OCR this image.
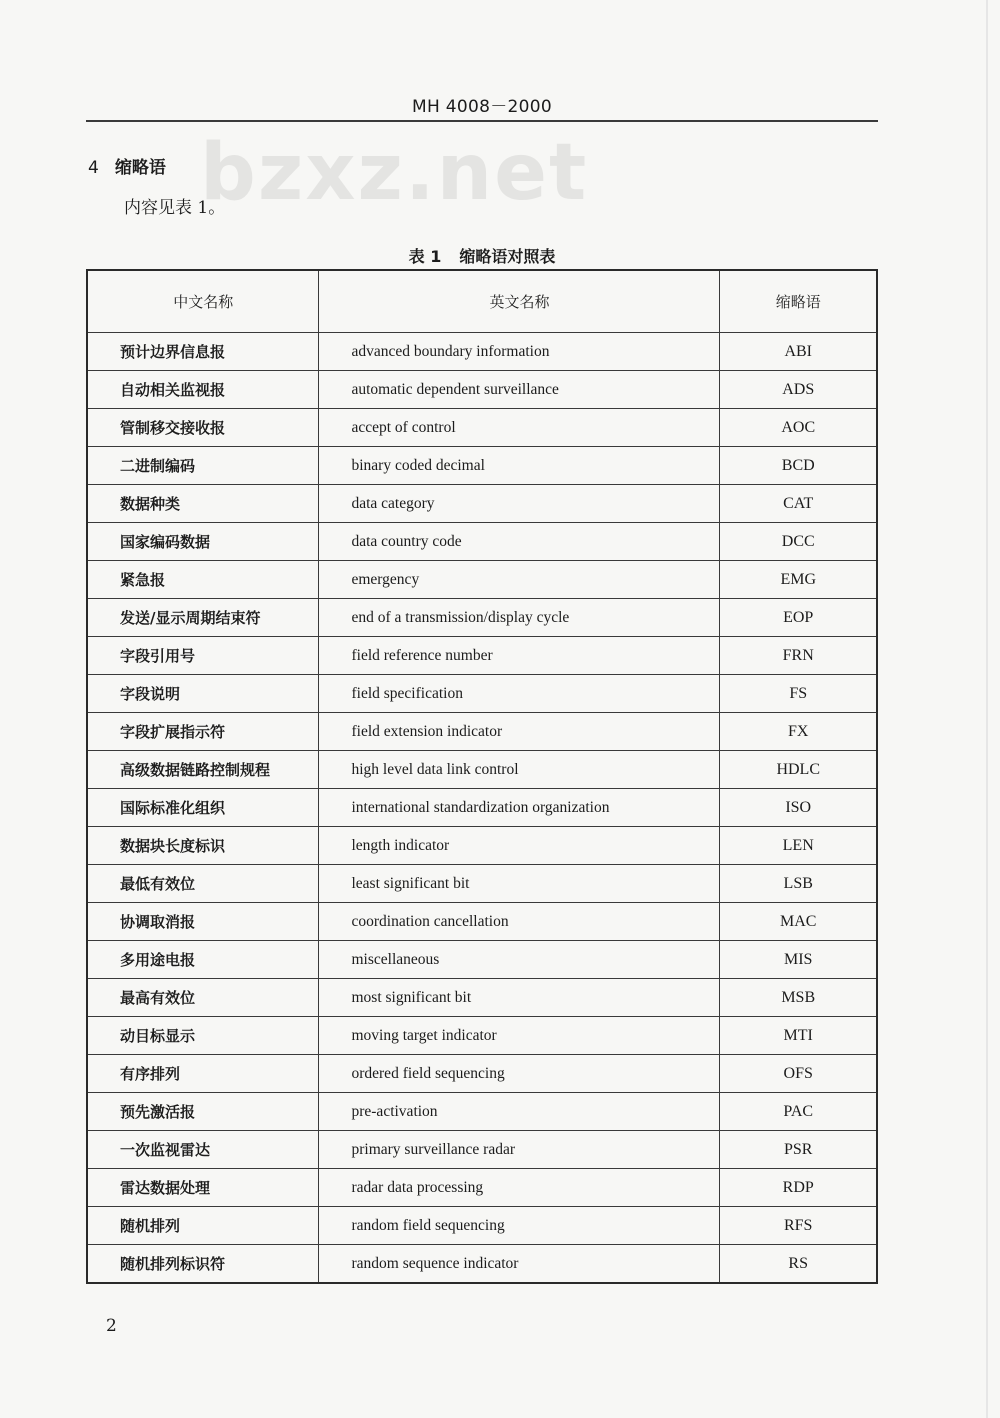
MH 4008－2000
bzxz.net
4 缩略语
内容见表 1。
表 1 缩略语对照表
中文名称	英文名称	缩略语
预计边界信息报	advanced boundary information	ABI
自动相关监视报	automatic dependent surveillance	ADS
管制移交接收报	accept of control	AOC
二进制编码	binary coded decimal	BCD
数据种类	data category	CAT
国家编码数据	data country code	DCC
紧急报	emergency	EMG
发送/显示周期结束符	end of a transmission/display cycle	EOP
字段引用号	field reference number	FRN
字段说明	field specification	FS
字段扩展指示符	field extension indicator	FX
高级数据链路控制规程	high level data link control	HDLC
国际标准化组织	international standardization organization	ISO
数据块长度标识	length indicator	LEN
最低有效位	least significant bit	LSB
协调取消报	coordination cancellation	MAC
多用途电报	miscellaneous	MIS
最高有效位	most significant bit	MSB
动目标显示	moving target indicator	MTI
有序排列	ordered field sequencing	OFS
预先激活报	pre-activation	PAC
一次监视雷达	primary surveillance radar	PSR
雷达数据处理	radar data processing	RDP
随机排列	random field sequencing	RFS
随机排列标识符	random sequence indicator	RS
2
